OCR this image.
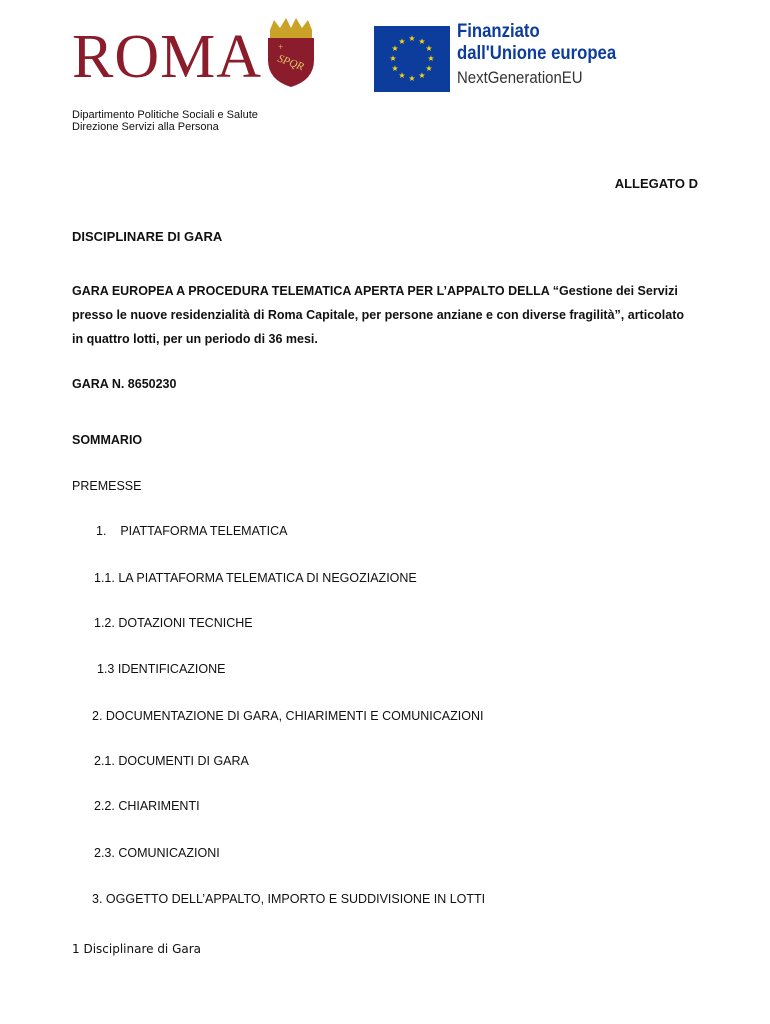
ROMA SPQR
+
★ ★
★
★
★
★
★
★
★
★
★
★	Finanziato
dall'Unione europea
NextGenerationEU
Dipartimento Politiche Sociali e Salute
Direzione Servizi alla Persona
ALLEGATO D
DISCIPLINARE DI GARA
GARA EUROPEA A PROCEDURA TELEMATICA APERTA PER L’APPALTO DELLA “Gestione dei Servizi
presso le nuove residenzialità di Roma Capitale, per persone anziane e con diverse fragilità”, articolato
in quattro lotti, per un periodo di 36 mesi.
GARA N. 8650230
SOMMARIO
PREMESSE
1.    PIATTAFORMA TELEMATICA
1.1. LA PIATTAFORMA TELEMATICA DI NEGOZIAZIONE
1.2. DOTAZIONI TECNICHE
1.3 IDENTIFICAZIONE
2. DOCUMENTAZIONE DI GARA, CHIARIMENTI E COMUNICAZIONI
2.1. DOCUMENTI DI GARA
2.2. CHIARIMENTI
2.3. COMUNICAZIONI
3. OGGETTO DELL’APPALTO, IMPORTO E SUDDIVISIONE IN LOTTI
1 Disciplinare di Gara
